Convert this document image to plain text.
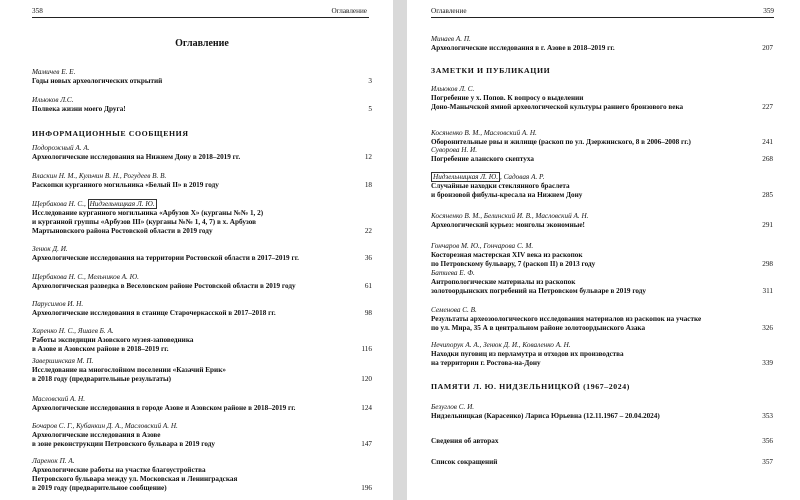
358	Оглавление
Оглавление
Мамичев Е. Е.
Годы новых археологических открытий	3
Ильюков Л.С.
Полвека жизни моего Друга!	5
ИНФОРМАЦИОННЫЕ СООБЩЕНИЯ
Подорожный А. А.
Археологические исследования на Нижнем Дону в 2018–2019 гг.	12
Власкин Н. М., Кульчин В. Н., Рогудеев В. В.
Раскопки курганного могильника «Белый II» в 2019 году	18
Щербакова Н. С., Нидзельницкая Л. Ю.
Исследование курганного могильника «Арбузов Х» (курганы №№ 1, 2)
и курганной группы «Арбузов III» (курганы №№ 1, 4, 7) в х. Арбузов
Мартыновского района Ростовской области в 2019 году	22
Зенюк Д. И.
Археологические исследования на территории Ростовской области в 2017–2019 гг.	36
Щербакова Н. С., Мельников А. Ю.
Археологическая разведка в Веселовском районе Ростовской области в 2019 году	61
Парусимов И. Н.
Археологические исследования в станице Старочеркасской в 2017–2018 гг.	98
Харенко Н. С., Яшаев Б. А.
Работы экспедиции Азовского музея-заповедника
в Азове и Азовском районе в 2018–2019 гг.	116
Завершинская М. П.
Исследование на многослойном поселении «Казачий Ерик»
в 2018 году (предварительные результаты)	120
Масловский А. Н.
Археологические исследования в городе Азове и Азовском районе в 2018–2019 гг.	124
Бочаров С. Г., Кубанкин Д. А., Масловский А. Н.
Археологические исследования в Азове
в зоне реконструкции Петровского бульвара в 2019 году	147
Ларенок П. А.
Археологические работы на участке благоустройства
Петровского бульвара между ул. Московская и Ленинградская
в 2019 году (предварительное сообщение)	196
Оглавление	359
Минаев А. П.
Археологические исследования в г. Азове в 2018–2019 гг.	207
ЗАМЕТКИ И ПУБЛИКАЦИИ
Ильюков Л. С.
Погребение у х. Попов. К вопросу о выделении
Доно-Манычской ямной археологической культуры раннего бронзового века	227
Косяненко В. М., Масловский А. Н.
Оборонительные рвы и жилище (раскоп по ул. Дзержинского, 8 в 2006–2008 гг.)	241
Суворова Н. И.
Погребение аланского скептуха	268
Нидзельницкая Л. Ю. , Садовая А. Р.
Случайные находки стеклянного браслета
и бронзовой фибулы-кресала на Нижнем Дону	285
Косяненко В. М., Белинский И. В., Масловский А. Н.
Археологический курьез: монголы экономные!	291
Гончаров М. Ю., Гончарова С. М.
Косторезная мастерская XIV века из раскопок
по Петровскому бульвару, 7 (раскоп II) в 2013 году	298
Батиева Е. Ф.
Антропологические материалы из раскопок
золотоордынских погребений на Петровском бульваре в 2019 году	311
Семенова С. В.
Результаты археозоологического исследования материалов из раскопок на участке
по ул. Мира, 35 А в центральном районе золотоордынского Азака	326
Нечипорук А. А., Зенюк Д. И., Коваленко А. Н.
Находки пуговиц из перламутра и отходов их производства
на территории г. Ростова-на-Дону	339
ПАМЯТИ Л. Ю. НИДЗЕЛЬНИЦКОЙ (1967–2024)
Безуглов С. И.
Нидзельницкая (Карасенко) Лариса Юрьевна (12.11.1967 – 20.04.2024)	353
Сведения об авторах	356
Список сокращений	357
